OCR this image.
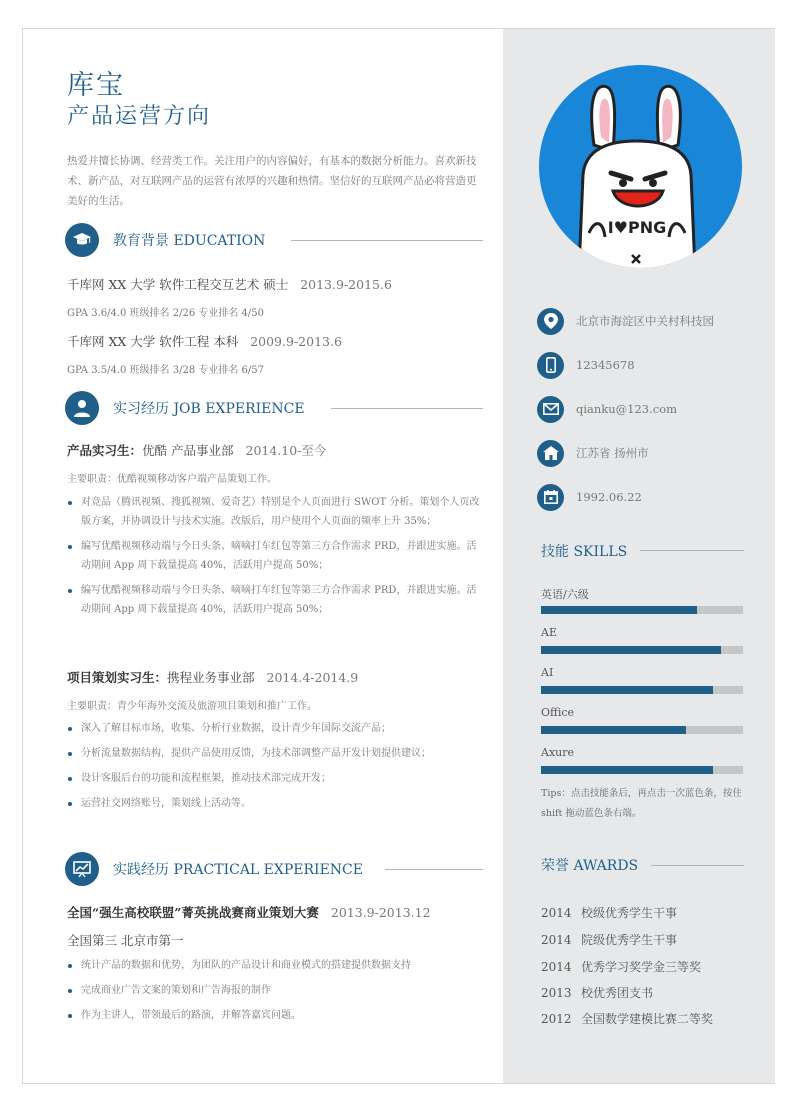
库宝
产品运营方向
热爱并擅长协调、经营类工作。关注用户的内容偏好，有基本的数据分析能力。喜欢新技术、新产品，对互联网产品的运营有浓厚的兴趣和热情。坚信好的互联网产品必将营造更美好的生活。
教育背景 EDUCATION
千库网 XX 大学 软件工程交互艺术 硕士 2013.9-2015.6
GPA 3.6/4.0 班级排名 2/26 专业排名 4/50
千库网 XX 大学 软件工程 本科 2009.9-2013.6
GPA 3.5/4.0 班级排名 3/28 专业排名 6/57
实习经历 JOB EXPERIENCE
产品实习生：优酷 产品事业部 2014.10-至今
主要职责：优酷视频移动客户端产品策划工作。
对竞品（腾讯视频、搜狐视频、爱奇艺）特别是个人页面进行 SWOT 分析。策划个人页改版方案，并协调设计与技术实施。改版后，用户使用个人页面的频率上升 35%；
编写优酷视频移动端与今日头条、嘀嘀打车红包等第三方合作需求 PRD，并跟进实施。活动期间 App 周下载量提高 40%，活跃用户提高 50%；
编写优酷视频移动端与今日头条、嘀嘀打车红包等第三方合作需求 PRD，并跟进实施。活动期间 App 周下载量提高 40%，活跃用户提高 50%；
项目策划实习生：携程业务事业部 2014.4-2014.9
主要职责：青少年海外交流及旅游项目策划和推广工作。
深入了解目标市场，收集、分析行业数据，设计青少年国际交流产品；
分析流量数据结构，提供产品使用反馈，为技术部调整产品开发计划提供建议；
设计客服后台的功能和流程框架，推动技术部完成开发；
运营社交网络账号，策划线上活动等。
实践经历 PRACTICAL EXPERIENCE
全国“强生高校联盟”菁英挑战赛商业策划大赛 2013.9-2013.12
全国第三 北京市第一
统计产品的数据和优势，为团队的产品设计和商业模式的搭建提供数据支持
完成商业广告文案的策划和广告海报的制作
作为主讲人，带领最后的路演，并解答嘉宾问题。
I♥PNG
北京市海淀区中关村科技园
12345678
qianku@123.com
江苏省 扬州市
1992.06.22
技能 SKILLS
英语/六级
AE
AI
Office
Axure
Tips：点击技能条后，再点击一次蓝色条，按住 shift 拖动蓝色条右端。
荣誉 AWARDS
2014 校级优秀学生干事
2014 院级优秀学生干事
2014 优秀学习奖学金三等奖
2013 校优秀团支书
2012 全国数学建模比赛二等奖
